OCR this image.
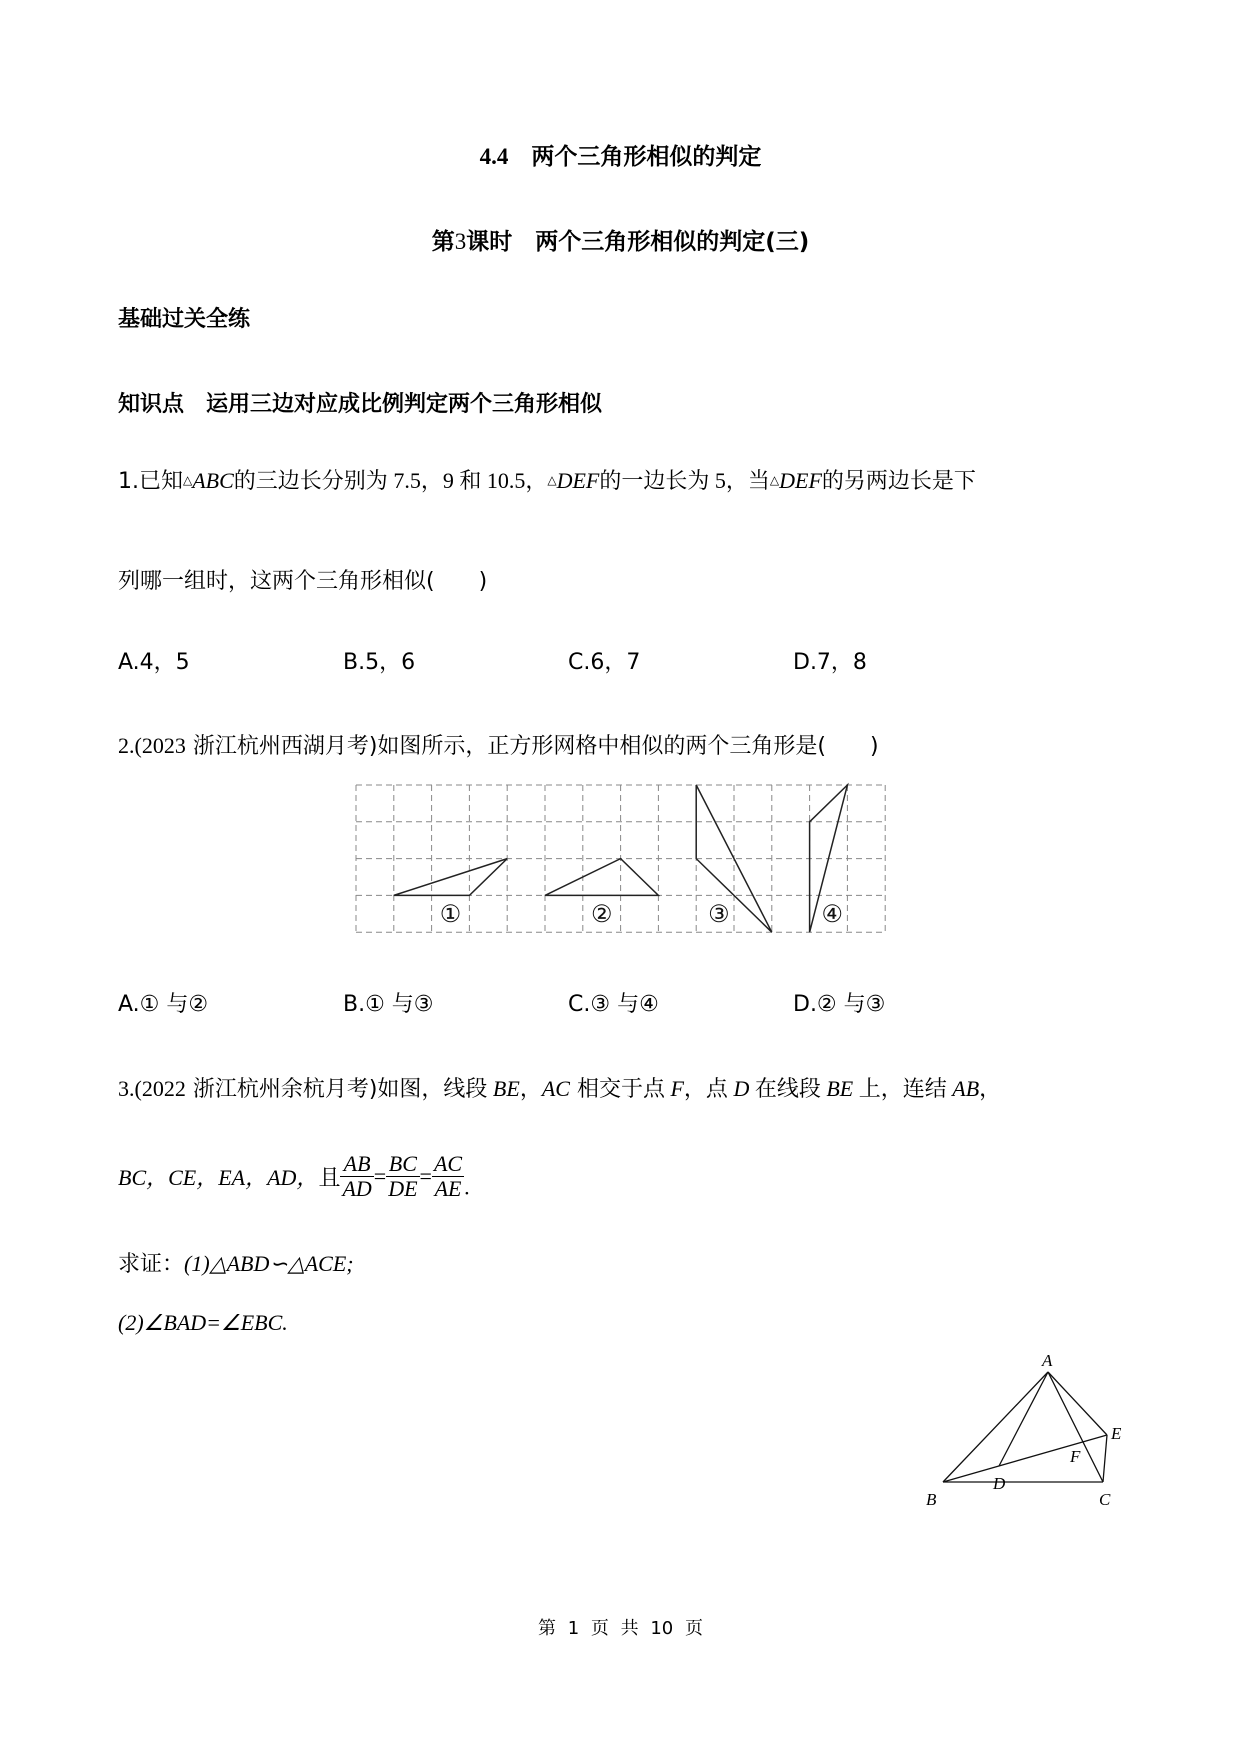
4.4  两个三角形相似的判定
第3课时  两个三角形相似的判定(三)
基础过关全练
知识点  运用三边对应成比例判定两个三角形相似
1.已知△ABC的三边长分别为 7.5，9 和 10.5，△DEF的一边长为 5，当△DEF的另两边长是下
列哪一组时，这两个三角形相似(　　)
A.4，5	B.5，6	C.6，7	D.7，8
2.(2023 浙江杭州西湖月考)如图所示，正方形网格中相似的两个三角形是(　　)
①	②	③	④
A.① 与②	B.① 与③	C.③ 与④	D.② 与③
3.(2022 浙江杭州余杭月考)如图，线段 BE，AC 相交于点 F，点 D 在线段 BE 上，连结 AB，
BC，CE，EA，AD，且 $\frac{AB}{AD} = \frac{BC}{DE} = \frac{AC}{AE}$ .
求证：(1)△ABD∽△ACE;
(2)∠BAD=∠EBC.
A
B	C
D
E
F
第 1 页 共 10 页
